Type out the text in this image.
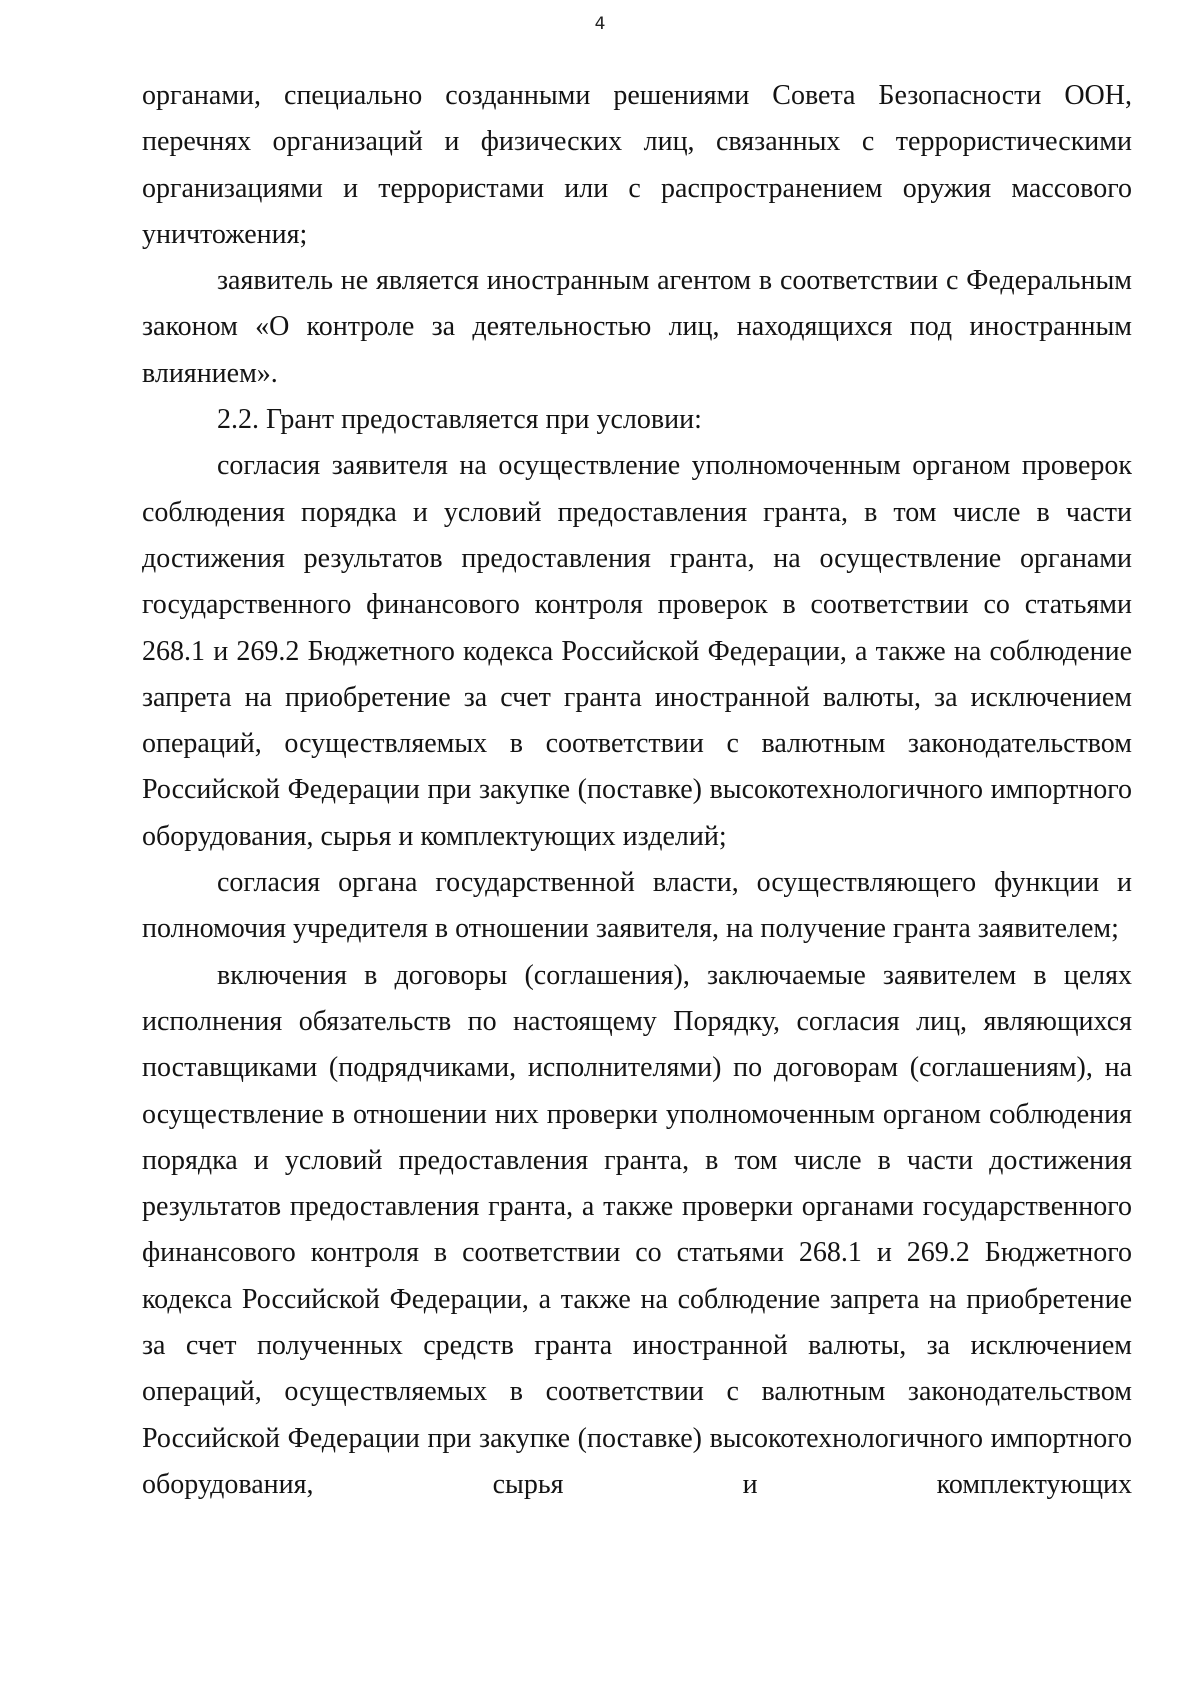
4

органами, специально созданными решениями Совета Безопасности ООН, перечнях организаций и физических лиц, связанных с террористическими организациями и террористами или с распространением оружия массового уничтожения;

заявитель не является иностранным агентом в соответствии с Федеральным законом «О контроле за деятельностью лиц, находящихся под иностранным влиянием».

2.2. Грант предоставляется при условии:

согласия заявителя на осуществление уполномоченным органом проверок соблюдения порядка и условий предоставления гранта, в том числе в части достижения результатов предоставления гранта, на осуществление органами государственного финансового контроля проверок в соответствии со статьями 268.1 и 269.2 Бюджетного кодекса Российской Федерации, а также на соблюдение запрета на приобретение за счет гранта иностранной валюты, за исключением операций, осуществляемых в соответствии с валютным законодательством Российской Федерации при закупке (поставке) высокотехнологичного импортного оборудования, сырья и комплектующих изделий;

согласия органа государственной власти, осуществляющего функции и полномочия учредителя в отношении заявителя, на получение гранта заявителем;

включения в договоры (соглашения), заключаемые заявителем в целях исполнения обязательств по настоящему Порядку, согласия лиц, являющихся поставщиками (подрядчиками, исполнителями) по договорам (соглашениям), на осуществление в отношении них проверки уполномоченным органом соблюдения порядка и условий предоставления гранта, в том числе в части достижения результатов предоставления гранта, а также проверки органами государственного финансового контроля в соответствии со статьями 268.1 и 269.2 Бюджетного кодекса Российской Федерации, а также на соблюдение запрета на приобретение за счет полученных средств гранта иностранной валюты, за исключением операций, осуществляемых в соответствии с валютным законодательством Российской Федерации при закупке (поставке) высокотехнологичного импортного оборудования, сырья и комплектующих
